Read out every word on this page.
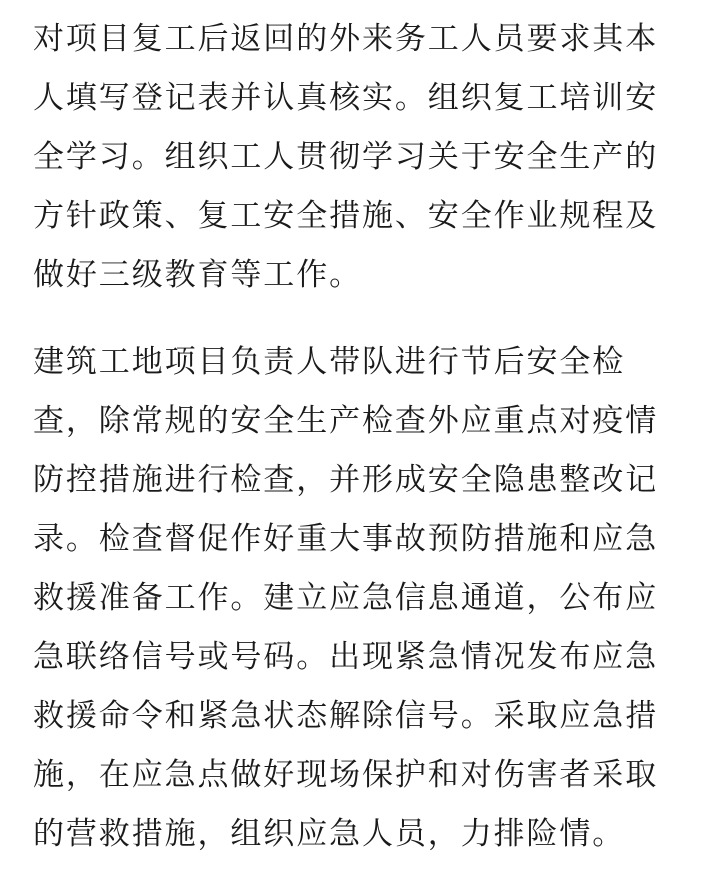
对项目复工后返回的外来务工人员要求其本
人填写登记表并认真核实。组织复工培训安
全学习。组织工人贯彻学习关于安全生产的
方针政策、复工安全措施、安全作业规程及
做好三级教育等工作。

建筑工地项目负责人带队进行节后安全检
查，除常规的安全生产检查外应重点对疫情
防控措施进行检查，并形成安全隐患整改记
录。检查督促作好重大事故预防措施和应急
救援准备工作。建立应急信息通道，公布应
急联络信号或号码。出现紧急情况发布应急
救援命令和紧急状态解除信号。采取应急措
施，在应急点做好现场保护和对伤害者采取
的营救措施，组织应急人员，力排险情。
